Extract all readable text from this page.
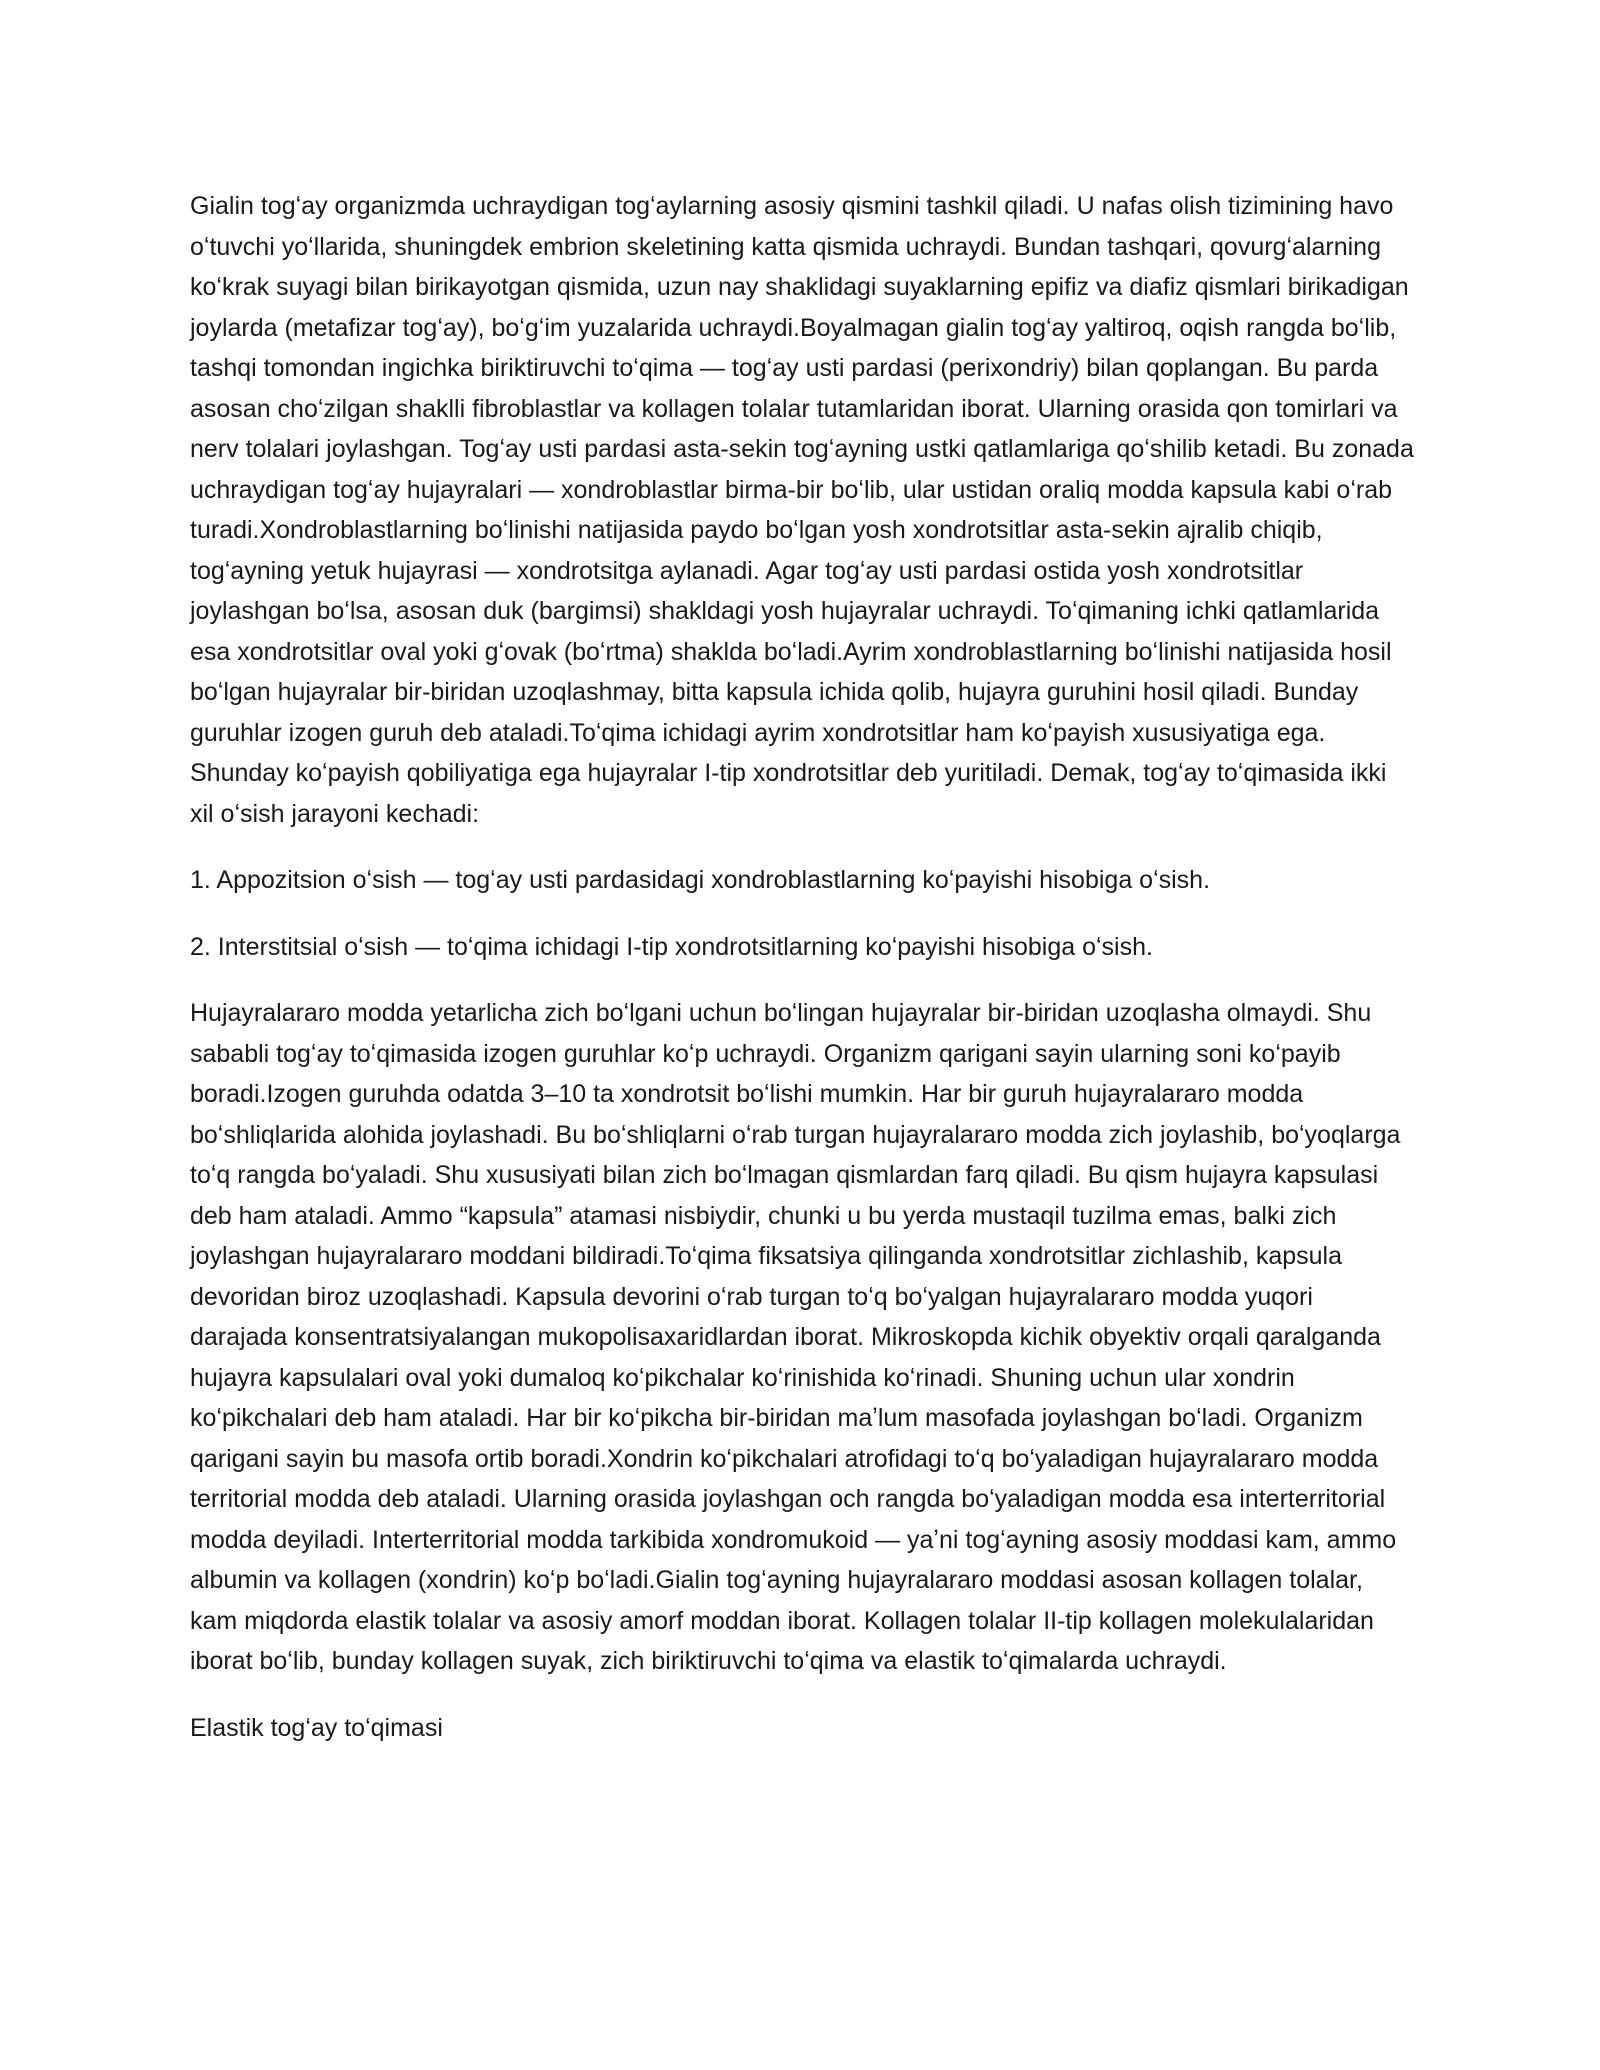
Gialin togʻay organizmda uchraydigan togʻaylarning asosiy qismini tashkil qiladi. U nafas olish tizimining havo oʻtuvchi yoʻllarida, shuningdek embrion skeletining katta qismida uchraydi. Bundan tashqari, qovurgʻalarning koʻkrak suyagi bilan birikayotgan qismida, uzun nay shaklidagi suyaklarning epifiz va diafiz qismlari birikadigan joylarda (metafizar togʻay), boʻgʻim yuzalarida uchraydi.Boyalmagan gialin togʻay yaltiroq, oqish rangda boʻlib, tashqi tomondan ingichka biriktiruvchi toʻqima — togʻay usti pardasi (perixondriy) bilan qoplangan. Bu parda asosan choʻzilgan shaklli fibroblastlar va kollagen tolalar tutamlaridan iborat. Ularning orasida qon tomirlari va nerv tolalari joylashgan. Togʻay usti pardasi asta-sekin togʻayning ustki qatlamlariga qoʻshilib ketadi. Bu zonada uchraydigan togʻay hujayralari — xondroblastlar birma-bir boʻlib, ular ustidan oraliq modda kapsula kabi oʻrab turadi.Xondroblastlarning boʻlinishi natijasida paydo boʻlgan yosh xondrotsitlar asta-sekin ajralib chiqib, togʻayning yetuk hujayrasi — xondrotsitga aylanadi. Agar togʻay usti pardasi ostida yosh xondrotsitlar joylashgan boʻlsa, asosan duk (bargimsi) shakldagi yosh hujayralar uchraydi. Toʻqimaning ichki qatlamlarida esa xondrotsitlar oval yoki gʻovak (boʻrtma) shaklda boʻladi.Ayrim xondroblastlarning boʻlinishi natijasida hosil boʻlgan hujayralar bir-biridan uzoqlashmay, bitta kapsula ichida qolib, hujayra guruhini hosil qiladi. Bunday guruhlar izogen guruh deb ataladi.Toʻqima ichidagi ayrim xondrotsitlar ham koʻpayish xususiyatiga ega. Shunday koʻpayish qobiliyatiga ega hujayralar I-tip xondrotsitlar deb yuritiladi. Demak, togʻay toʻqimasida ikki xil oʻsish jarayoni kechadi:

1. Appozitsion oʻsish — togʻay usti pardasidagi xondroblastlarning koʻpayishi hisobiga oʻsish.

2. Interstitsial oʻsish — toʻqima ichidagi I-tip xondrotsitlarning koʻpayishi hisobiga oʻsish.

Hujayralararo modda yetarlicha zich boʻlgani uchun boʻlingan hujayralar bir-biridan uzoqlasha olmaydi. Shu sababli togʻay toʻqimasida izogen guruhlar koʻp uchraydi. Organizm qarigani sayin ularning soni koʻpayib boradi.Izogen guruhda odatda 3–10 ta xondrotsit boʻlishi mumkin. Har bir guruh hujayralararo modda boʻshliqlarida alohida joylashadi. Bu boʻshliqlarni oʻrab turgan hujayralararo modda zich joylashib, boʻyoqlarga toʻq rangda boʻyaladi. Shu xususiyati bilan zich boʻlmagan qismlardan farq qiladi. Bu qism hujayra kapsulasi deb ham ataladi. Ammo “kapsula” atamasi nisbiydir, chunki u bu yerda mustaqil tuzilma emas, balki zich joylashgan hujayralararo moddani bildiradi.Toʻqima fiksatsiya qilinganda xondrotsitlar zichlashib, kapsula devoridan biroz uzoqlashadi. Kapsula devorini oʻrab turgan toʻq boʻyalgan hujayralararo modda yuqori darajada konsentratsiyalangan mukopolisaxaridlardan iborat. Mikroskopda kichik obyektiv orqali qaralganda hujayra kapsulalari oval yoki dumaloq koʻpikchalar koʻrinishida koʻrinadi. Shuning uchun ular xondrin koʻpikchalari deb ham ataladi. Har bir koʻpikcha bir-biridan maʼlum masofada joylashgan boʻladi. Organizm qarigani sayin bu masofa ortib boradi.Xondrin koʻpikchalari atrofidagi toʻq boʻyaladigan hujayralararo modda territorial modda deb ataladi. Ularning orasida joylashgan och rangda boʻyaladigan modda esa interterritorial modda deyiladi. Interterritorial modda tarkibida xondromukoid — yaʼni togʻayning asosiy moddasi kam, ammo albumin va kollagen (xondrin) koʻp boʻladi.Gialin togʻayning hujayralararo moddasi asosan kollagen tolalar, kam miqdorda elastik tolalar va asosiy amorf moddan iborat. Kollagen tolalar II-tip kollagen molekulalaridan iborat boʻlib, bunday kollagen suyak, zich biriktiruvchi toʻqima va elastik toʻqimalarda uchraydi.

Elastik togʻay toʻqimasi
